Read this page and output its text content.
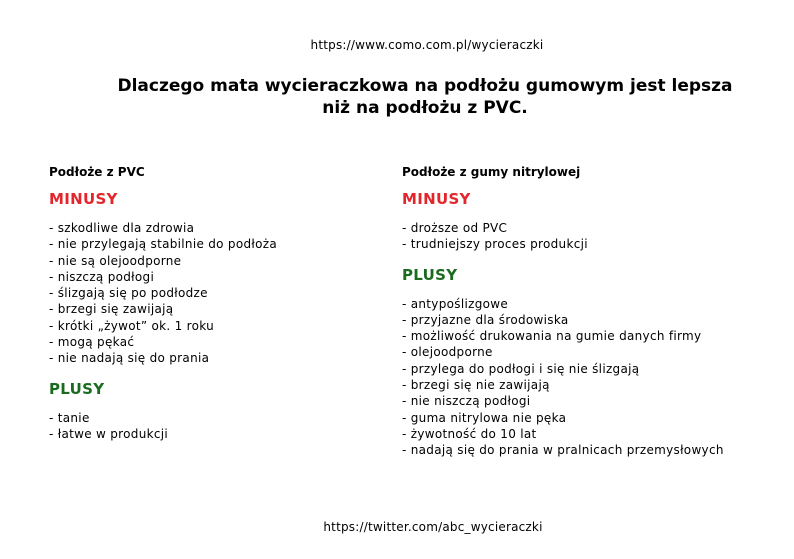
https://www.como.com.pl/wycieraczki
Dlaczego mata wycieraczkowa na podłożu gumowym jest lepsza
niż na podłożu z PVC.

Podłoże z PVC

MINUSY

- szkodliwe dla zdrowia
- nie przylegają stabilnie do podłoża
- nie są olejoodporne
- niszczą podłogi
- ślizgają się po podłodze
- brzegi się zawijają
- krótki „żywot” ok. 1 roku
- mogą pękać
- nie nadają się do prania

PLUSY

- tanie
- łatwe w produkcji

Podłoże z gumy nitrylowej

MINUSY

- droższe od PVC
- trudniejszy proces produkcji

PLUSY

- antypoślizgowe
- przyjazne dla środowiska
- możliwość drukowania na gumie danych firmy
- olejoodporne
- przylega do podłogi i się nie ślizgają
- brzegi się nie zawijają
- nie niszczą podłogi
- guma nitrylowa nie pęka
- żywotność do 10 lat
- nadają się do prania w pralnicach przemysłowych
https://twitter.com/abc_wycieraczki
